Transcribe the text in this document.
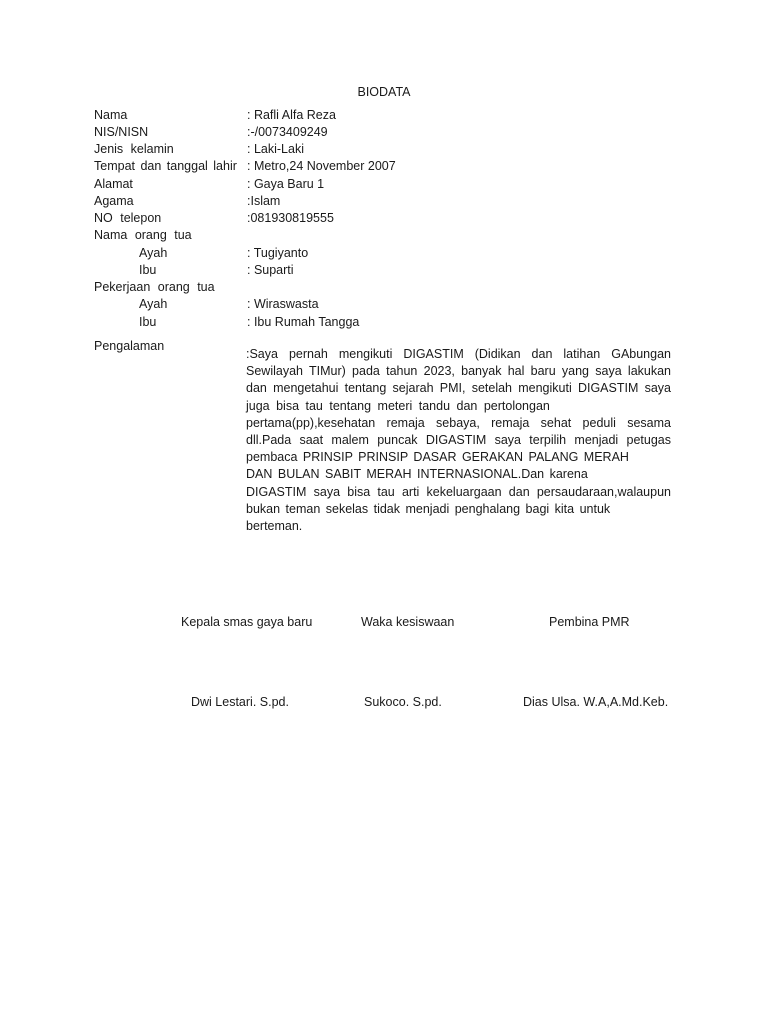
BIODATA
Nama	: Rafli Alfa Reza
NIS/NISN	:-/0073409249
Jenis kelamin	: Laki-Laki
Tempat dan tanggal lahir : Metro,24 November 2007
Alamat	: Gaya Baru 1
Agama	:Islam
NO telepon	:081930819555
Nama orang tua
Ayah	: Tugiyanto
Ibu	: Suparti
Pekerjaan orang tua
Ayah	: Wiraswasta
Ibu	: Ibu Rumah Tangga
Pengalaman
:Saya pernah mengikuti DIGASTIM (Didikan dan latihan GAbungan
Sewilayah TIMur) pada tahun 2023, banyak hal baru yang saya lakukan
dan mengetahui tentang sejarah PMI, setelah mengikuti DIGASTIM saya
juga bisa tau tentang meteri tandu dan pertolongan
pertama(pp),kesehatan remaja sebaya, remaja sehat peduli sesama
dll.Pada saat malem puncak DIGASTIM saya terpilih menjadi petugas
pembaca PRINSIP PRINSIP DASAR GERAKAN PALANG MERAH
DAN BULAN SABIT MERAH INTERNASIONAL.Dan karena
DIGASTIM saya bisa tau arti kekeluargaan dan persaudaraan,walaupun
bukan teman sekelas tidak menjadi penghalang bagi kita untuk
berteman.
Kepala smas gaya baru	Waka kesiswaan	Pembina PMR
Dwi Lestari. S.pd.	Sukoco. S.pd.	Dias Ulsa. W.A,A.Md.Keb.
